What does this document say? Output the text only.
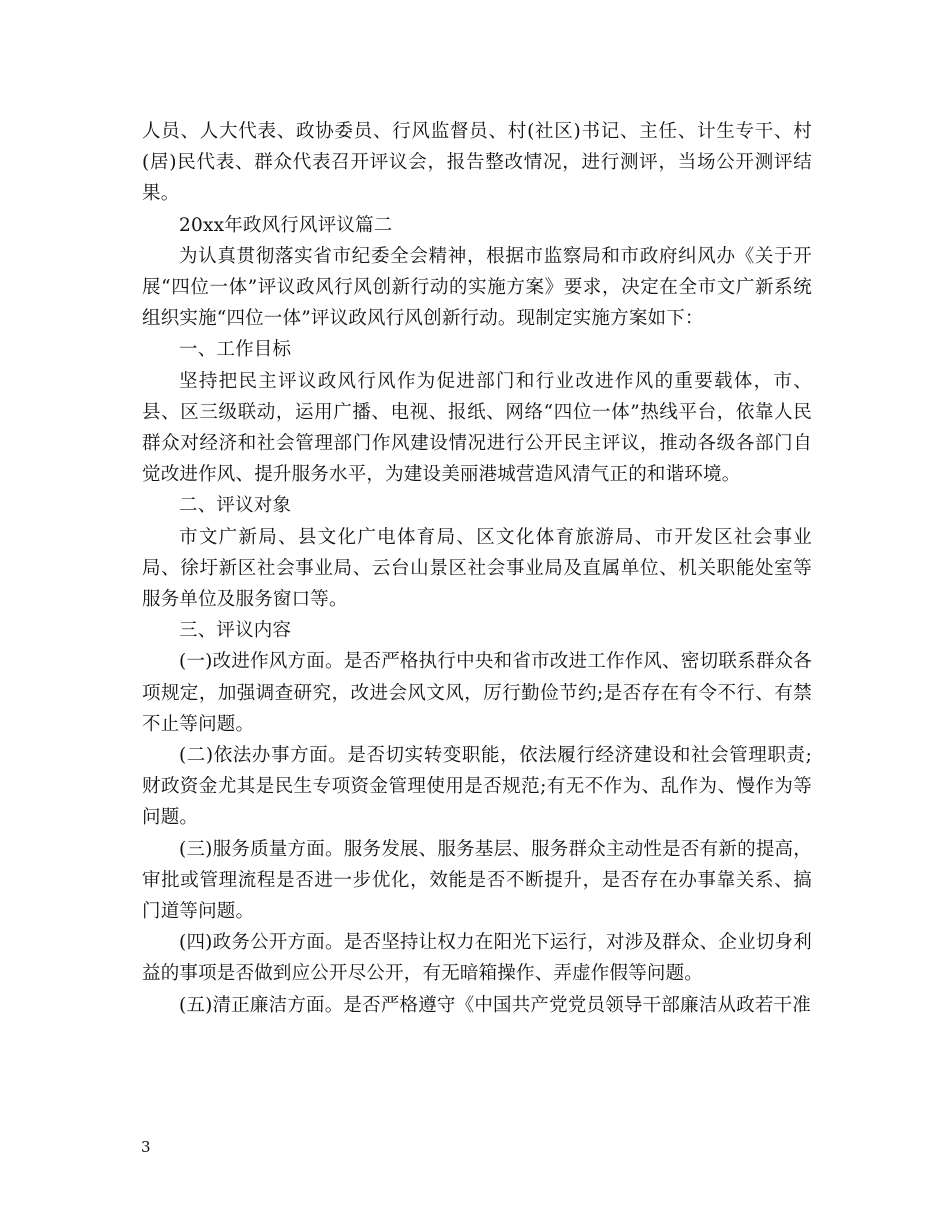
人员、人大代表、政协委员、行风监督员、村(社区)书记、主任、计生专干、村(居)民代表、群众代表召开评议会，报告整改情况，进行测评，当场公开测评结果。

20xx年政风行风评议篇二

为认真贯彻落实省市纪委全会精神，根据市监察局和市政府纠风办《关于开展“四位一体”评议政风行风创新行动的实施方案》要求，决定在全市文广新系统组织实施“四位一体”评议政风行风创新行动。现制定实施方案如下：

一、工作目标

坚持把民主评议政风行风作为促进部门和行业改进作风的重要载体，市、县、区三级联动，运用广播、电视、报纸、网络“四位一体”热线平台，依靠人民群众对经济和社会管理部门作风建设情况进行公开民主评议，推动各级各部门自觉改进作风、提升服务水平，为建设美丽港城营造风清气正的和谐环境。

二、评议对象

市文广新局、县文化广电体育局、区文化体育旅游局、市开发区社会事业局、徐圩新区社会事业局、云台山景区社会事业局及直属单位、机关职能处室等服务单位及服务窗口等。

三、评议内容

(一)改进作风方面。是否严格执行中央和省市改进工作作风、密切联系群众各项规定，加强调查研究，改进会风文风，厉行勤俭节约;是否存在有令不行、有禁不止等问题。

(二)依法办事方面。是否切实转变职能，依法履行经济建设和社会管理职责;财政资金尤其是民生专项资金管理使用是否规范;有无不作为、乱作为、慢作为等问题。

(三)服务质量方面。服务发展、服务基层、服务群众主动性是否有新的提高，审批或管理流程是否进一步优化，效能是否不断提升，是否存在办事靠关系、搞门道等问题。

(四)政务公开方面。是否坚持让权力在阳光下运行，对涉及群众、企业切身利益的事项是否做到应公开尽公开，有无暗箱操作、弄虚作假等问题。

(五)清正廉洁方面。是否严格遵守《中国共产党党员领导干部廉洁从政若干准

3
